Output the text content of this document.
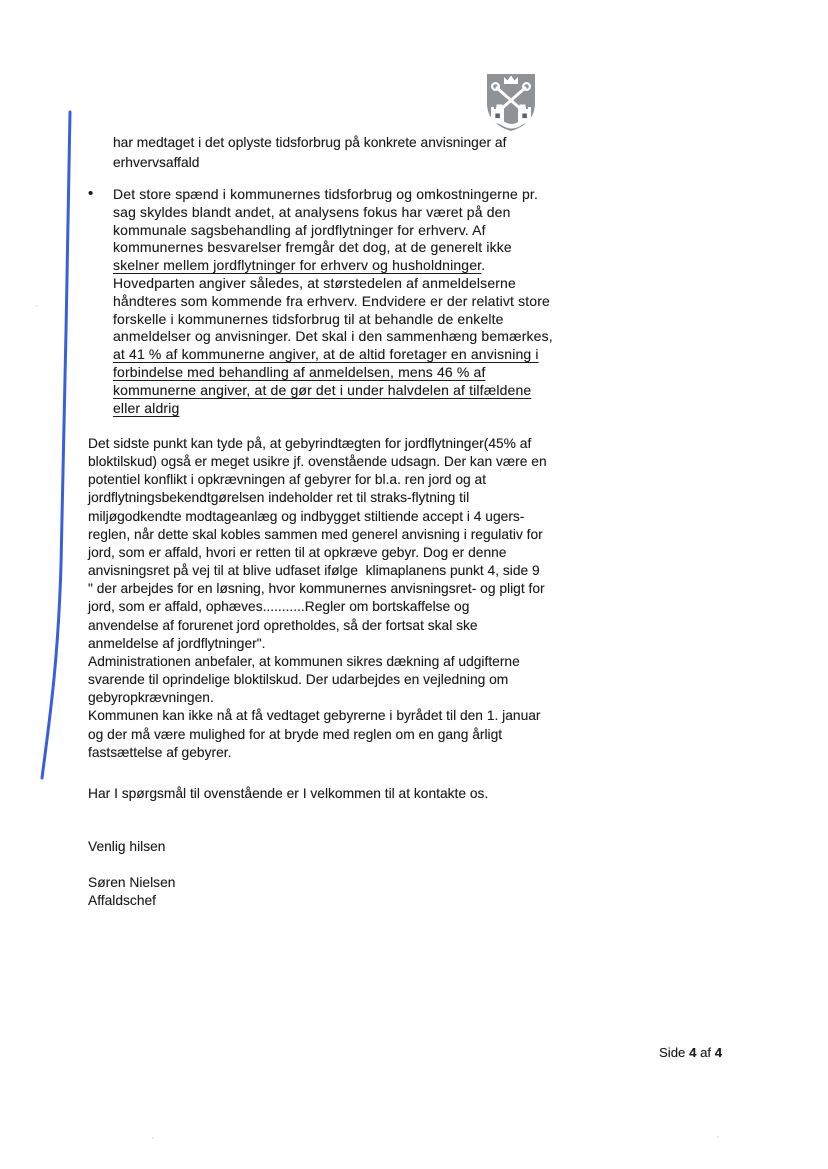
har medtaget i det oplyste tidsforbrug på konkrete anvisninger af
erhvervsaffald
• Det store spænd i kommunernes tidsforbrug og omkostningerne pr.
sag skyldes blandt andet, at analysens fokus har været på den
kommunale sagsbehandling af jordflytninger for erhverv. Af
kommunernes besvarelser fremgår det dog, at de generelt ikke
skelner mellem jordflytninger for erhverv og husholdninger.
Hovedparten angiver således, at størstedelen af anmeldelserne
håndteres som kommende fra erhverv. Endvidere er der relativt store
forskelle i kommunernes tidsforbrug til at behandle de enkelte
anmeldelser og anvisninger. Det skal i den sammenhæng bemærkes,
at 41 % af kommunerne angiver, at de altid foretager en anvisning i
forbindelse med behandling af anmeldelsen, mens 46 % af
kommunerne angiver, at de gør det i under halvdelen af tilfældene
eller aldrig
Det sidste punkt kan tyde på, at gebyrindtægten for jordflytninger(45% af
bloktilskud) også er meget usikre jf. ovenstående udsagn. Der kan være en
potentiel konflikt i opkrævningen af gebyrer for bl.a. ren jord og at
jordflytningsbekendtgørelsen indeholder ret til straks-flytning til
miljøgodkendte modtageanlæg og indbygget stiltiende accept i 4 ugers-
reglen, når dette skal kobles sammen med generel anvisning i regulativ for
jord, som er affald, hvori er retten til at opkræve gebyr. Dog er denne
anvisningsret på vej til at blive udfaset ifølge  klimaplanens punkt 4, side 9
" der arbejdes for en løsning, hvor kommunernes anvisningsret- og pligt for
jord, som er affald, ophæves...........Regler om bortskaffelse og
anvendelse af forurenet jord opretholdes, så der fortsat skal ske
anmeldelse af jordflytninger".
Administrationen anbefaler, at kommunen sikres dækning af udgifterne
svarende til oprindelige bloktilskud. Der udarbejdes en vejledning om
gebyropkrævningen.
Kommunen kan ikke nå at få vedtaget gebyrerne i byrådet til den 1. januar
og der må være mulighed for at bryde med reglen om en gang årligt
fastsættelse af gebyrer.
Har I spørgsmål til ovenstående er I velkommen til at kontakte os.
Venlig hilsen
Søren Nielsen
Affaldschef
Side 4 af 4
